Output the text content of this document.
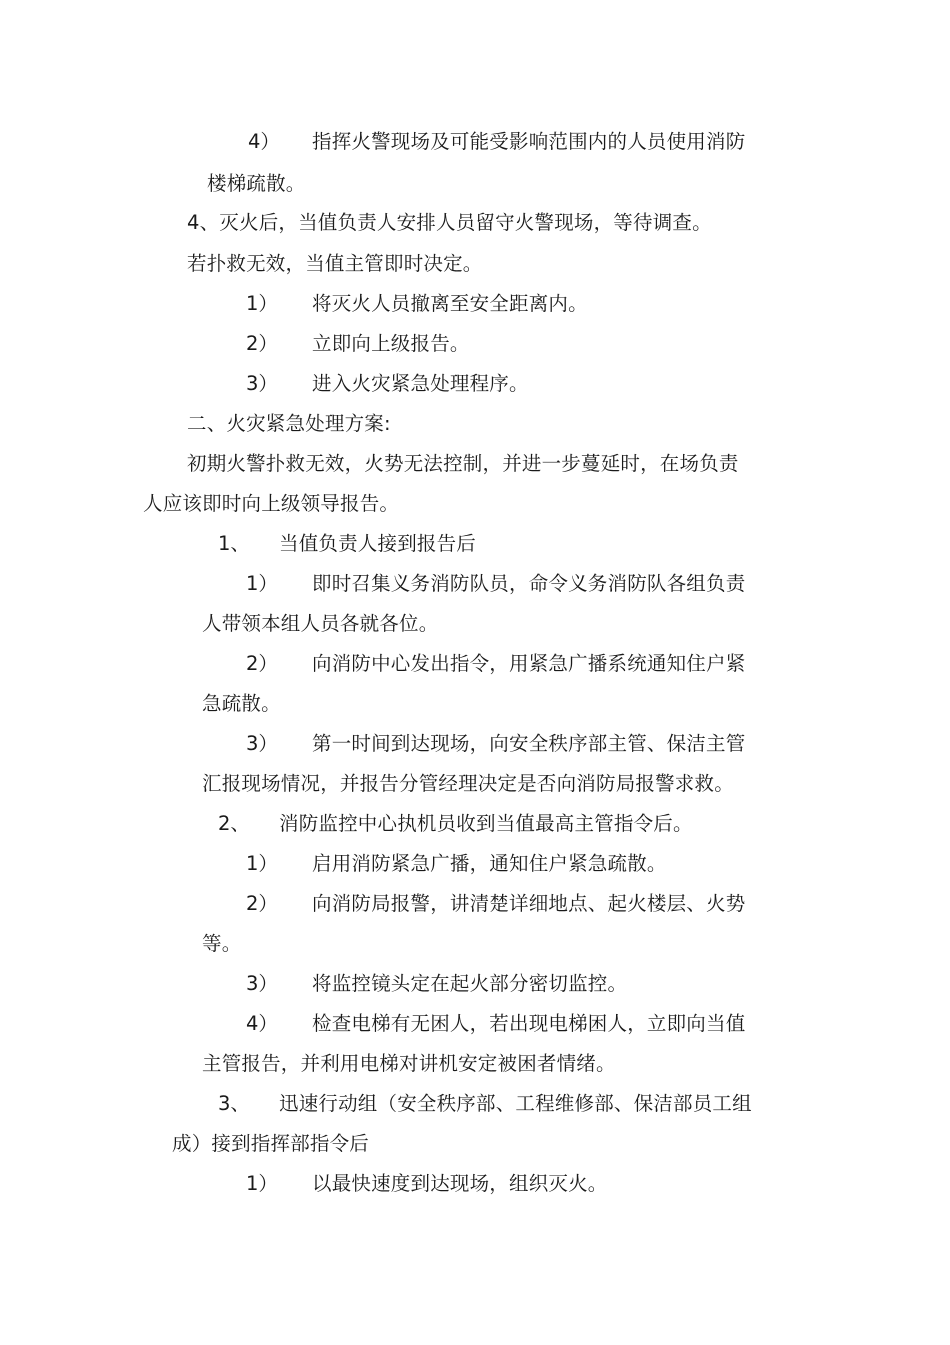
4） 指挥火警现场及可能受影响范围内的人员使用消防
楼梯疏散。
4、灭火后，当值负责人安排人员留守火警现场，等待调查。
若扑救无效，当值主管即时决定。
1） 将灭火人员撤离至安全距离内。
2） 立即向上级报告。
3） 进入火灾紧急处理程序。
二、火灾紧急处理方案:
初期火警扑救无效，火势无法控制，并进一步蔓延时，在场负责
人应该即时向上级领导报告。
1、 当值负责人接到报告后
1） 即时召集义务消防队员，命令义务消防队各组负责
人带领本组人员各就各位。
2） 向消防中心发出指令，用紧急广播系统通知住户紧
急疏散。
3） 第一时间到达现场，向安全秩序部主管、保洁主管
汇报现场情况，并报告分管经理决定是否向消防局报警求救。
2、 消防监控中心执机员收到当值最高主管指令后。
1） 启用消防紧急广播，通知住户紧急疏散。
2） 向消防局报警，讲清楚详细地点、起火楼层、火势
等。
3） 将监控镜头定在起火部分密切监控。
4） 检查电梯有无困人，若出现电梯困人，立即向当值
主管报告，并利用电梯对讲机安定被困者情绪。
3、 迅速行动组（安全秩序部、工程维修部、保洁部员工组
成）接到指挥部指令后
1） 以最快速度到达现场，组织灭火。
